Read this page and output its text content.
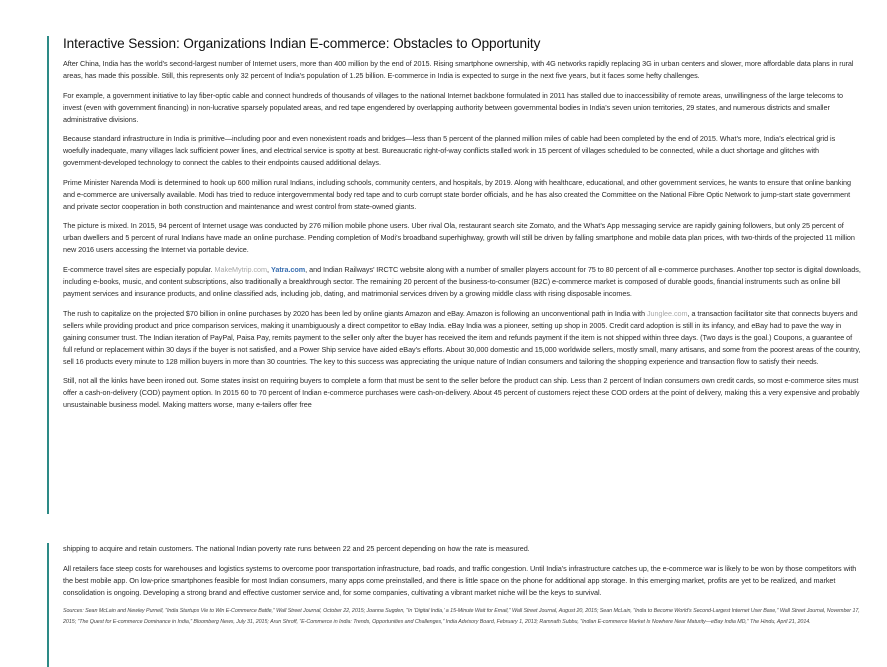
Interactive Session: Organizations Indian E-commerce: Obstacles to Opportunity

After China, India has the world’s second-largest number of Internet users, more than 400 million by the end of 2015. Rising smartphone ownership, with 4G networks rapidly replacing 3G in urban centers and slower, more affordable data plans in rural areas, has made this possible. Still, this represents only 32 percent of India’s population of 1.25 billion. E-commerce in India is expected to surge in the next five years, but it faces some hefty challenges.

For example, a government initiative to lay fiber-optic cable and connect hundreds of thousands of villages to the national Internet backbone formulated in 2011 has stalled due to inaccessibility of remote areas, unwillingness of the large telecoms to invest (even with government financing) in non-lucrative sparsely populated areas, and red tape engendered by overlapping authority between governmental bodies in India’s seven union territories, 29 states, and numerous districts and smaller administrative divisions.

Because standard infrastructure in India is primitive—including poor and even nonexistent roads and bridges—less than 5 percent of the planned million miles of cable had been completed by the end of 2015. What’s more, India’s electrical grid is woefully inadequate, many villages lack sufficient power lines, and electrical service is spotty at best. Bureaucratic right-of-way conflicts stalled work in 15 percent of villages scheduled to be connected, while a duct shortage and glitches with government-developed technology to connect the cables to their endpoints caused additional delays.

Prime Minister Narenda Modi is determined to hook up 600 million rural Indians, including schools, community centers, and hospitals, by 2019. Along with healthcare, educational, and other government services, he wants to ensure that online banking and e-commerce are universally available. Modi has tried to reduce intergovernmental body red tape and to curb corrupt state border officials, and he has also created the Committee on the National Fibre Optic Network to jump-start state government and private sector cooperation in both construction and maintenance and wrest control from state-owned giants.

The picture is mixed. In 2015, 94 percent of Internet usage was conducted by 276 million mobile phone users. Uber rival Ola, restaurant search site Zomato, and the What’s App messaging service are rapidly gaining followers, but only 25 percent of urban dwellers and 5 percent of rural Indians have made an online purchase. Pending completion of Modi’s broadband superhighway, growth will still be driven by falling smartphone and mobile data plan prices, with two-thirds of the projected 11 million new 2016 users accessing the Internet via portable device.

E-commerce travel sites are especially popular. MakeMytrip.com, Yatra.com, and Indian Railways’ IRCTC website along with a number of smaller players account for 75 to 80 percent of all e-commerce purchases. Another top sector is digital downloads, including e-books, music, and content subscriptions, also traditionally a breakthrough sector. The remaining 20 percent of the business-to-consumer (B2C) e-commerce market is composed of durable goods, financial instruments such as online bill payment services and insurance products, and online classified ads, including job, dating, and matrimonial services driven by a growing middle class with rising disposable incomes.

The rush to capitalize on the projected $70 billion in online purchases by 2020 has been led by online giants Amazon and eBay. Amazon is following an unconventional path in India with Junglee.com, a transaction facilitator site that connects buyers and sellers while providing product and price comparison services, making it unambiguously a direct competitor to eBay India. eBay India was a pioneer, setting up shop in 2005. Credit card adoption is still in its infancy, and eBay had to pave the way in gaining consumer trust. The Indian iteration of PayPal, Paisa Pay, remits payment to the seller only after the buyer has received the item and refunds payment if the item is not shipped within three days. (Two days is the goal.) Coupons, a guarantee of full refund or replacement within 30 days if the buyer is not satisfied, and a Power Ship service have aided eBay’s efforts. About 30,000 domestic and 15,000 worldwide sellers, mostly small, many artisans, and some from the poorest areas of the country, sell 16 products every minute to 128 million buyers in more than 30 countries. The key to this success was appreciating the unique nature of Indian consumers and tailoring the shopping experience and transaction flow to satisfy their needs.

Still, not all the kinks have been ironed out. Some states insist on requiring buyers to complete a form that must be sent to the seller before the product can ship. Less than 2 percent of Indian consumers own credit cards, so most e-commerce sites must offer a cash-on-delivery (COD) payment option. In 2015 60 to 70 percent of Indian e-commerce purchases were cash-on-delivery. About 45 percent of customers reject these COD orders at the point of delivery, making this a very expensive and probably unsustainable business model. Making matters worse, many e-tailers offer free

shipping to acquire and retain customers. The national Indian poverty rate runs between 22 and 25 percent depending on how the rate is measured.

All retailers face steep costs for warehouses and logistics systems to overcome poor transportation infrastructure, bad roads, and traffic congestion. Until India’s infrastructure catches up, the e-commerce war is likely to be won by those competitors with the best mobile app. On low-price smartphones feasible for most Indian consumers, many apps come preinstalled, and there is little space on the phone for additional app storage. In this emerging market, profits are yet to be realized, and market consolidation is ongoing. Developing a strong brand and effective customer service and, for some companies, cultivating a vibrant market niche will be the keys to survival.

Sources: Sean McLain and Newley Purnell, “India Startups Vie to Win E-Commerce Battle,” Wall Street Journal, October 22, 2015; Joanna Sugden, “In ‘Digital India,’ a 15-Minute Wait for Email,” Wall Street Journal, August 20, 2015; Sean McLain, “India to Become World’s Second-Largest Internet User Base,” Wall Street Journal, November 17, 2015; “The Quest for E-commerce Dominance in India,” Bloomberg News, July 31, 2015; Arun Shroff, “E-Commerce in India: Trends, Opportunities and Challenges,” India Advisory Board, February 1, 2013; Ramnath Subbu, “Indian E-commerce Market Is Nowhere Near Maturity—eBay India MD,” The Hindu, April 21, 2014.
